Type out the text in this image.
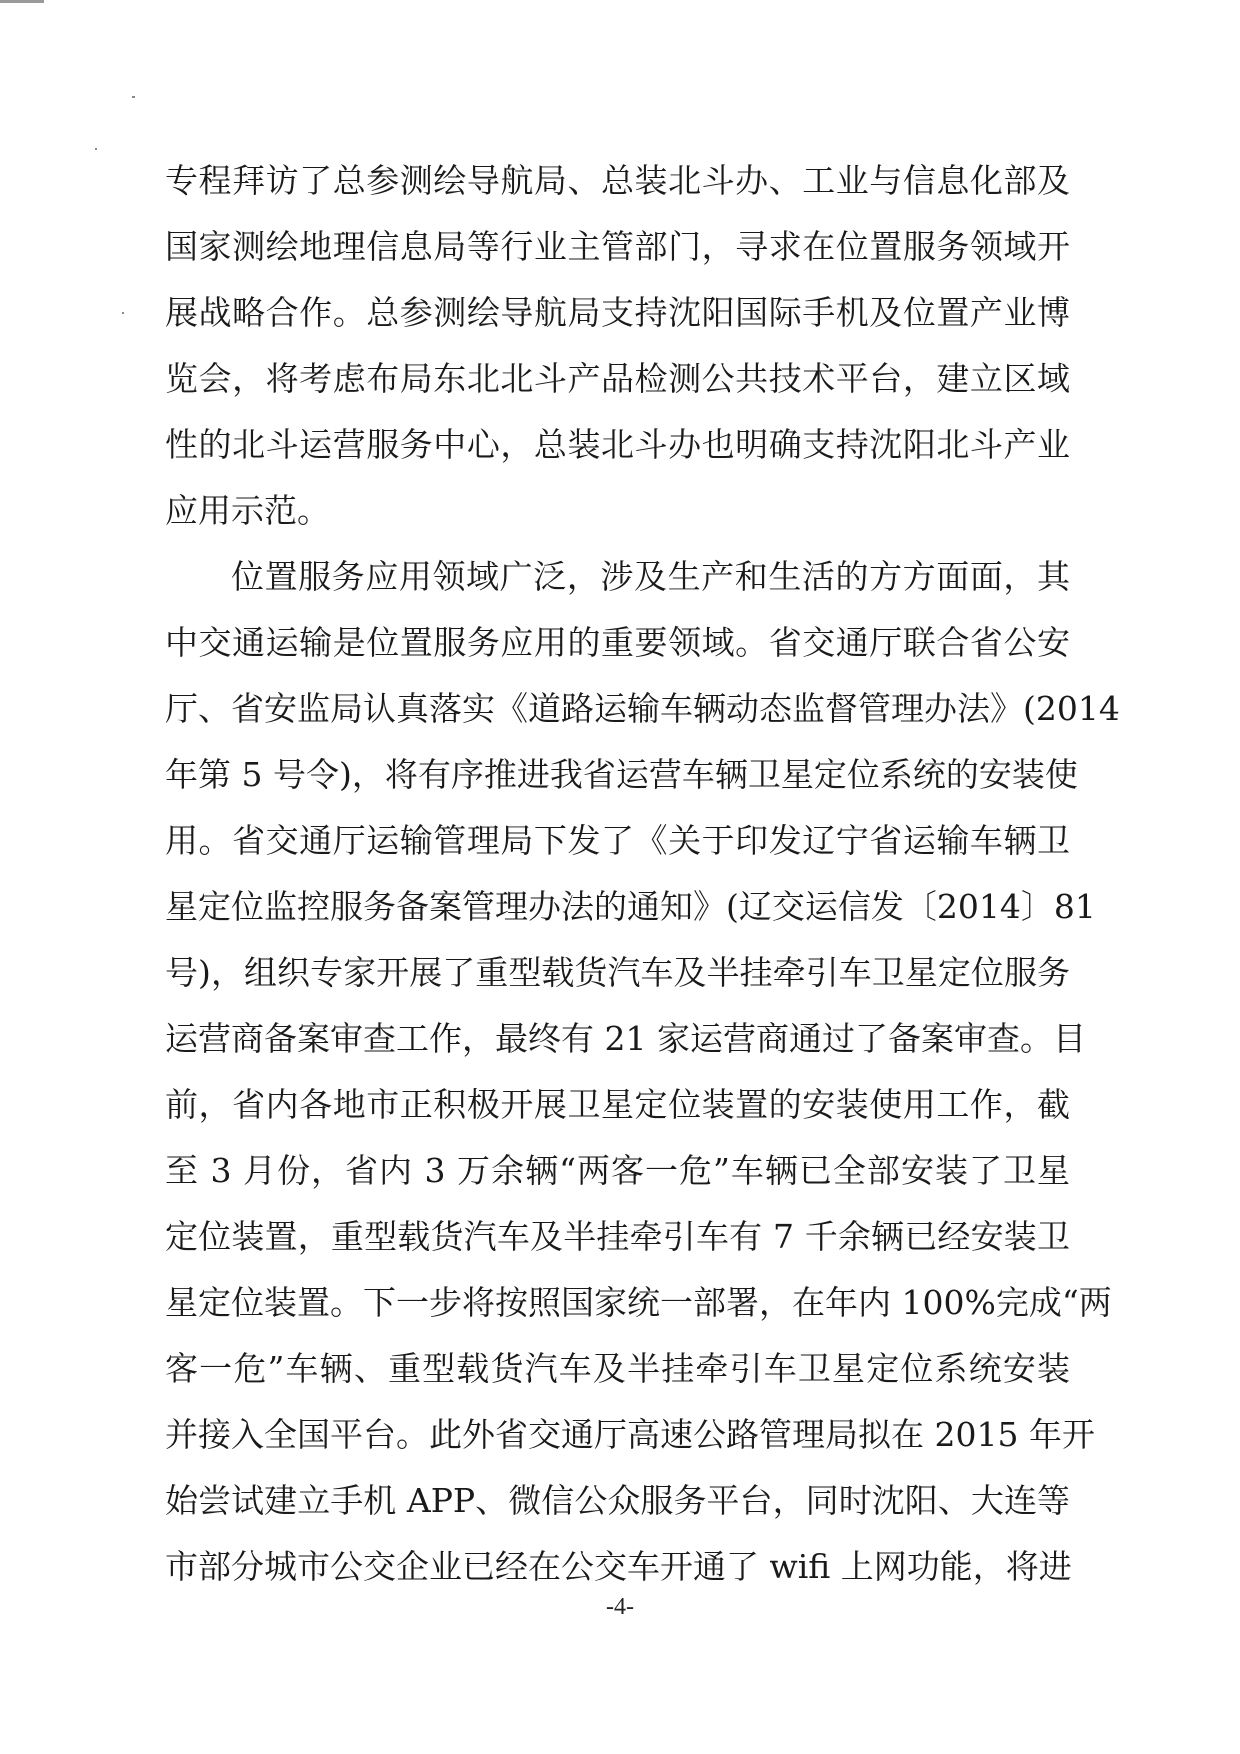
专程拜访了总参测绘导航局、总装北斗办、工业与信息化部及
国家测绘地理信息局等行业主管部门，寻求在位置服务领域开
展战略合作。总参测绘导航局支持沈阳国际手机及位置产业博
览会，将考虑布局东北北斗产品检测公共技术平台，建立区域
性的北斗运营服务中心，总装北斗办也明确支持沈阳北斗产业
应用示范。
位置服务应用领域广泛，涉及生产和生活的方方面面，其
中交通运输是位置服务应用的重要领域。省交通厅联合省公安
厅、省安监局认真落实《道路运输车辆动态监督管理办法》(2014
年第 5 号令)，将有序推进我省运营车辆卫星定位系统的安装使
用。省交通厅运输管理局下发了《关于印发辽宁省运输车辆卫
星定位监控服务备案管理办法的通知》(辽交运信发〔2014〕81
号)，组织专家开展了重型载货汽车及半挂牵引车卫星定位服务
运营商备案审查工作，最终有 21 家运营商通过了备案审查。目
前，省内各地市正积极开展卫星定位装置的安装使用工作，截
至 3 月份，省内 3 万余辆“两客一危”车辆已全部安装了卫星
定位装置，重型载货汽车及半挂牵引车有 7 千余辆已经安装卫
星定位装置。下一步将按照国家统一部署，在年内 100%完成“两
客一危”车辆、重型载货汽车及半挂牵引车卫星定位系统安装
并接入全国平台。此外省交通厅高速公路管理局拟在 2015 年开
始尝试建立手机 APP、微信公众服务平台，同时沈阳、大连等
市部分城市公交企业已经在公交车开通了 wifi 上网功能，将进
-4-
